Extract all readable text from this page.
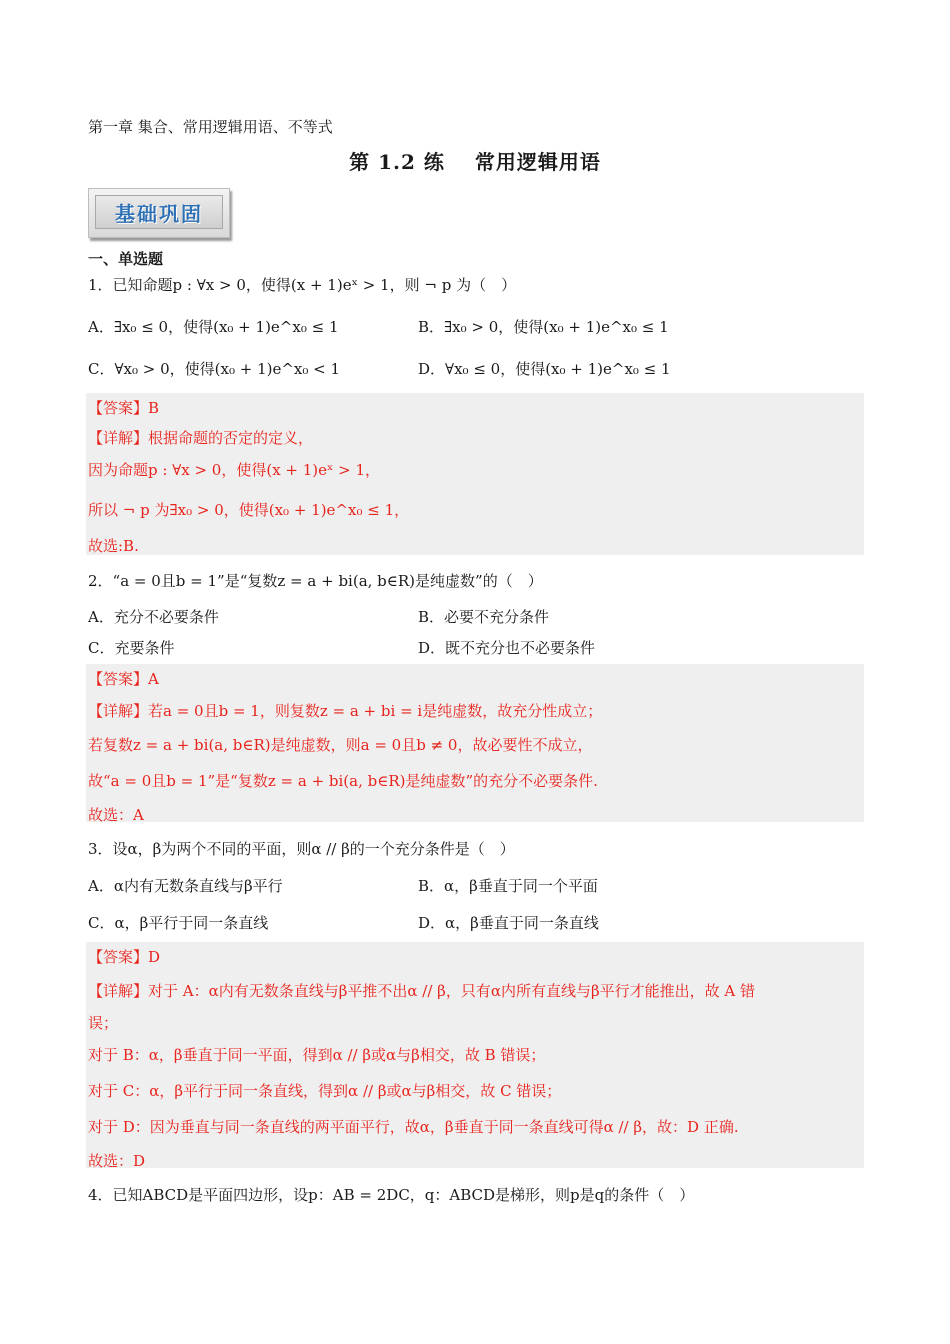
第一章 集合、常用逻辑用语、不等式
第 1.2 练 常用逻辑用语
基础巩固
一、单选题
1．已知命题p : ∀x > 0，使得(x + 1)eˣ > 1，则 ¬ p 为（　）
A．∃x₀ ≤ 0，使得(x₀ + 1)e^x₀ ≤ 1	B．∃x₀ > 0，使得(x₀ + 1)e^x₀ ≤ 1
C．∀x₀ > 0，使得(x₀ + 1)e^x₀ < 1	D．∀x₀ ≤ 0，使得(x₀ + 1)e^x₀ ≤ 1
【答案】B
【详解】根据命题的否定的定义，
因为命题p : ∀x > 0，使得(x + 1)eˣ > 1，
所以 ¬ p 为∃x₀ > 0，使得(x₀ + 1)e^x₀ ≤ 1，
故选:B.
2．“a = 0且b = 1”是“复数z = a + bi(a, b∈R)是纯虚数”的（　）
A．充分不必要条件	B．必要不充分条件
C．充要条件	D．既不充分也不必要条件
【答案】A
【详解】若a = 0且b = 1，则复数z = a + bi = i是纯虚数，故充分性成立；
若复数z = a + bi(a, b∈R)是纯虚数，则a = 0且b ≠ 0，故必要性不成立，
故“a = 0且b = 1”是“复数z = a + bi(a, b∈R)是纯虚数”的充分不必要条件.
故选：A
3．设α，β为两个不同的平面，则α // β的一个充分条件是（　）
A．α内有无数条直线与β平行	B．α，β垂直于同一个平面
C．α，β平行于同一条直线	D．α，β垂直于同一条直线
【答案】D
【详解】对于 A：α内有无数条直线与β平推不出α // β，只有α内所有直线与β平行才能推出，故 A 错
误；
对于 B：α，β垂直于同一平面，得到α // β或α与β相交，故 B 错误；
对于 C：α，β平行于同一条直线，得到α // β或α与β相交，故 C 错误；
对于 D：因为垂直与同一条直线的两平面平行，故α，β垂直于同一条直线可得α // β，故：D 正确.
故选：D
4．已知ABCD是平面四边形，设p：AB = 2DC，q：ABCD是梯形，则p是q的条件（　）
